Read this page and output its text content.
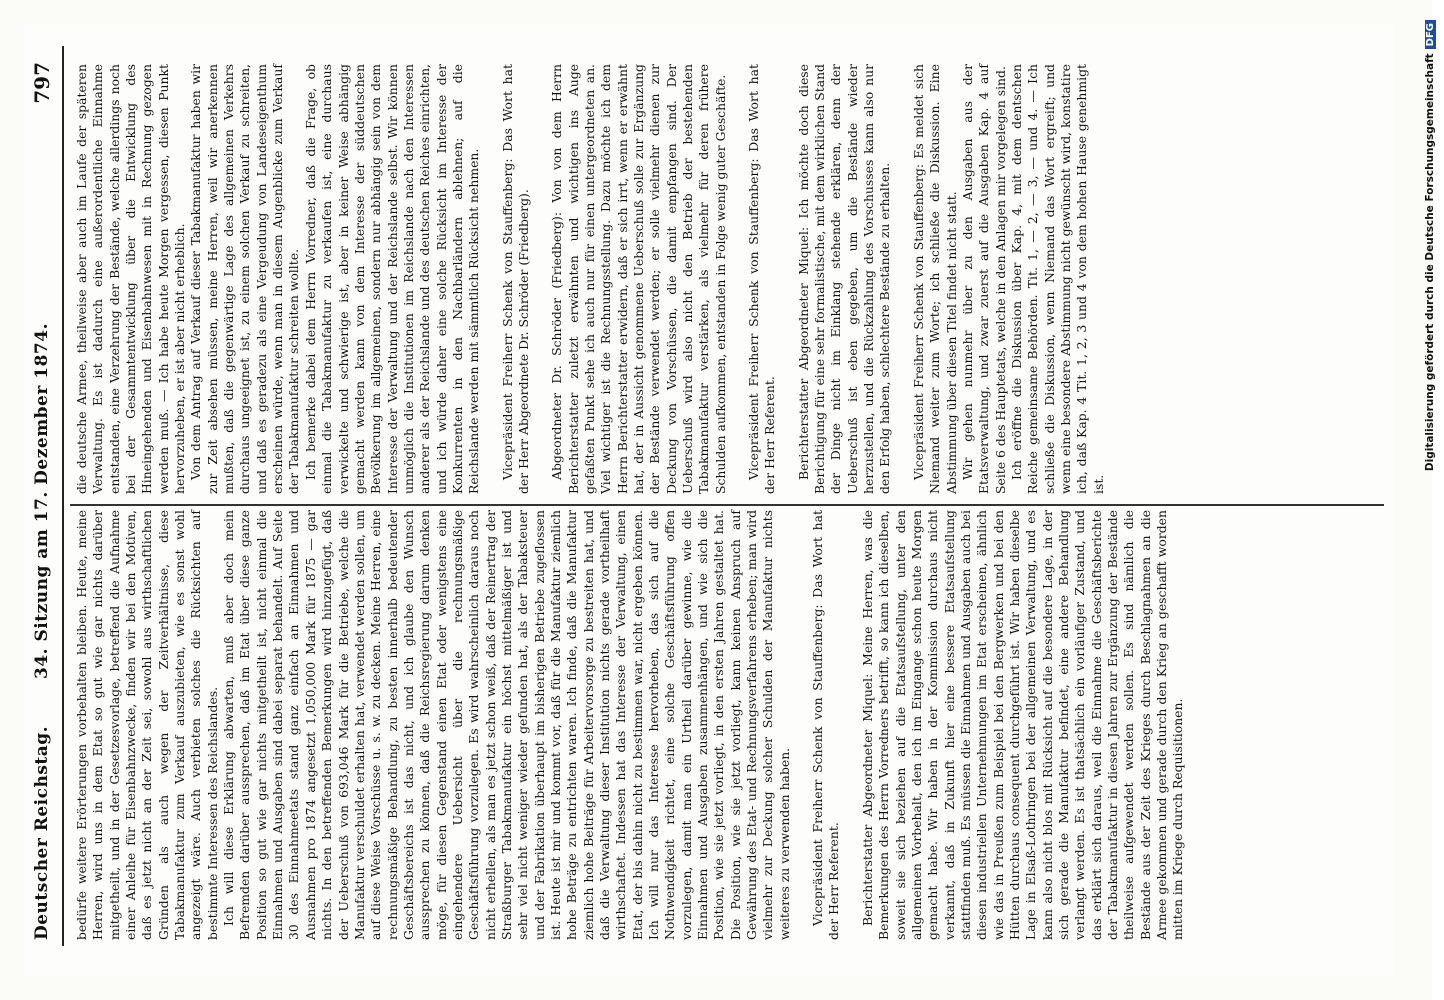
Deutscher Reichstag.
34. Sitzung am 17. Dezember 1874.
797

bedürfe weitere Erörterungen vorbehalten bleiben. Heute, meine Herren, wird uns in dem Etat so gut wie gar nichts darüber mitgetheilt, und in der Gesetzesvorlage, betreffend die Aufnahme einer Anleihe für Eisenbahnzwecke, finden wir bei den Motiven, daß es jetzt nicht an der Zeit sei, sowohl aus wirthschaftlichen Gründen als auch wegen der Zeitverhältnisse, diese Tabakmanufaktur zum Verkauf auszubieten, wie es sonst wohl angezeigt wäre. Auch verbieten solches die Rücksichten auf bestimmte Interessen des Reichslandes. Ich will diese Erklärung abwarten, muß aber doch mein Befremden darüber aussprechen, daß im Etat über diese ganze Position so gut wie gar nichts mitgetheilt ist, nicht einmal die Einnahmen und Ausgaben sind dabei separat behandelt. Auf Seite 30 des Einnahmeetats stand ganz einfach an Einnahmen und Ausnahmen pro 1874 angesetzt 1,050,000 Mark für 1875 — gar nichts. In den betreffenden Bemerkungen wird hinzugefügt, daß der Ueberschuß von 693,046 Mark für die Betriebe, welche die Manufaktur verschuldet erhalten hat, verwendet werden sollen, um auf diese Weise Vorschüsse u. s. w. zu decken. Meine Herren, eine rechnungsmäßige Behandlung, zu besten innerhalb bedeutender Geschäftsbereichs ist das nicht, und ich glaube den Wunsch aussprechen zu können, daß die Reichsregierung darum denken möge, für diesen Gegenstand einen Etat oder wenigstens eine eingehendere Uebersicht über die rechnungsmäßige Geschäftsführung vorzulegen. Es wird wahrscheinlich daraus noch nicht erhellen, als man es jetzt schon weiß, daß der Reinertrag der Straßburger Tabakmanufaktur ein höchst mittelmäßiger ist und sehr viel nicht weniger wieder gefunden hat, als der Tabaksteuer und der Fabrikation überhaupt im bisherigen Betriebe zugeflossen ist. Heute ist mir und kommt vor, daß für die Manufaktur ziemlich hohe Beträge zu entrichten waren. Ich finde, daß die Manufaktur ziemlich hohe Beiträge für Arbeitervorsorge zu bestreiten hat, und daß die Verwaltung dieser Institution nichts gerade vortheilhaft wirthschaftet. Indessen hat das Interesse der Verwaltung, einen Etat, der bis dahin nicht zu bestimmen war, nicht ergeben können. Ich will nur das Interesse hervorheben, das sich auf die Nothwendigkeit richtet, eine solche Geschäftsführung offen vorzulegen, damit man ein Urtheil darüber gewinne, wie die Einnahmen und Ausgaben zusammenhängen, und wie sich die Position, wie sie jetzt vorliegt, in den ersten Jahren gestaltet hat. Die Position, wie sie jetzt vorliegt, kann keinen Anspruch auf Gewährung des Etat- und Rechnungsverfahrens erheben; man wird vielmehr zur Deckung solcher Schulden der Manufaktur nichts weiteres zu verwenden haben. Vicepräsident Freiherr Schenk von Stauffenberg: Das Wort hat der Herr Referent. Berichterstatter Abgeordneter Miquel: Meine Herren, was die Bemerkungen des Herrn Vorredners betrifft, so kann ich dieselben, soweit sie sich beziehen auf die Etatsaufstellung, unter den allgemeinen Vorbehalt, den ich im Eingange schon heute Morgen gemacht habe. Wir haben in der Kommission durchaus nicht verkannt, daß in Zukunft hier eine bessere Etatsaufstellung stattfinden muß. Es müssen die Einnahmen und Ausgaben auch bei diesen industriellen Unternehmungen im Etat erscheinen, ähnlich wie das in Preußen zum Beispiel bei den Bergwerken und bei den Hütten durchaus consequent durchgeführt ist. Wir haben dieselbe Lage in Elsaß-Lothringen bei der allgemeinen Verwaltung, und es kann also nicht blos mit Rücksicht auf die besondere Lage, in der sich gerade die Manufaktur befindet, eine andere Behandlung verlangt werden. Es ist thatsächlich ein vorläufiger Zustand, und das erklärt sich daraus, weil die Einnahme die Geschäftsberichte der Tabakmanufaktur in diesen Jahren zur Ergänzung der Bestände theilweise aufgewendet werden sollen. Es sind nämlich die Bestände aus der Zeit des Krieges durch Beschlagnahmen an die Armee gekommen und gerade durch den Krieg an geschafft worden mitten im Kriege durch Requisitionen.

die deutsche Armee, theilweise aber auch im Laufe der späteren Verwaltung. Es ist dadurch eine außerordentliche Einnahme entstanden, eine Verzehrung der Bestände, welche allerdings noch bei der Gesammtentwicklung über die Entwicklung des Hineingehenden und Eisenbahnwesen mit in Rechnung gezogen werden muß. — Ich habe heute Morgen vergessen, diesen Punkt hervorzuheben, er ist aber nicht erheblich. Von dem Antrag auf Verkauf dieser Tabakmanufaktur haben wir zur Zeit absehen müssen, meine Herren, weil wir anerkennen mußten, daß die gegenwärtige Lage des allgemeinen Verkehrs durchaus ungeeignet ist, zu einem solchen Verkauf zu schreiten, und daß es geradezu als eine Vergeudung von Landeseigenthum erscheinen würde, wenn man in diesem Augenblicke zum Verkauf der Tabakmanufaktur schreiten wollte. Ich bemerke dabei dem Herrn Vorredner, daß die Frage, ob einmal die Tabakmanufaktur zu verkaufen ist, eine durchaus verwickelte und schwierige ist, aber in keiner Weise abhängig gemacht werden kann von dem Interesse der süddeutschen Bevölkerung im allgemeinen, sondern nur abhängig sein von dem Interesse der Verwaltung und der Reichslande selbst. Wir können unmöglich die Institutionen im Reichslande nach den Interessen anderer als der Reichslande und des deutschen Reiches einrichten, und ich würde daher eine solche Rücksicht im Interesse der Konkurrenten in den Nachbarländern ablehnen; auf die Reichslande werden mit sämmtlich Rücksicht nehmen. Vicepräsident Freiherr Schenk von Stauffenberg: Das Wort hat der Herr Abgeordnete Dr. Schröder (Friedberg). Abgeordneter Dr. Schröder (Friedberg): Von von dem Herrn Berichterstatter zuletzt erwähnten und wichtigen ins Auge gefaßten Punkt sehe ich auch nur für einen untergeordneten an. Viel wichtiger ist die Rechnungsstellung. Dazu möchte ich dem Herrn Berichterstatter erwidern, daß er sich irrt, wenn er erwähnt hat, der in Aussicht genommene Ueberschuß solle zur Ergänzung der Bestände verwendet werden; er solle vielmehr dienen zur Deckung von Vorschüssen, die damit empfangen sind. Der Ueberschuß wird also nicht den Betrieb der bestehenden Tabakmanufaktur verstärken, als vielmehr für deren frühere Schulden aufkommen, entstanden in Folge wenig guter Geschäfte. Vicepräsident Freiherr Schenk von Stauffenberg: Das Wort hat der Herr Referent. Berichterstatter Abgeordneter Miquel: Ich möchte doch diese Berichtigung für eine sehr formalistische, mit dem wirklichen Stand der Dinge nicht im Einklang stehende erklären, denn der Ueberschuß ist eben gegeben, um die Bestände wieder herzustellen, und die Rückzahlung des Vorschusses kann also nur den Erfolg haben, schlechtere Bestände zu erhalten. Vicepräsident Freiherr Schenk von Stauffenberg: Es meldet sich Niemand weiter zum Worte; ich schließe die Diskussion. Eine Abstimmung über diesen Titel findet nicht statt. Wir gehen nunmehr über zu den Ausgaben aus der Etatsverwaltung, und zwar zuerst auf die Ausgaben Kap. 4 auf Seite 6 des Hauptetats, welche in den Anlagen mir vorgelegen sind. Ich eröffne die Diskussion über Kap. 4, mit dem dentschen Reiche gemeinsame Behörden. Tit. 1, — 2, — 3, — und 4. — Ich schließe die Diskussion, wenn Niemand das Wort ergreift; und wenn eine besondere Abstimmung nicht gewünscht wird, konstatire ich, daß Kap. 4 Tit. 1, 2, 3 und 4 von dem hohen Hause genehmigt ist.

Digitalisierung gefördert durch die Deutsche ForschungsgemeinschaftDFG
